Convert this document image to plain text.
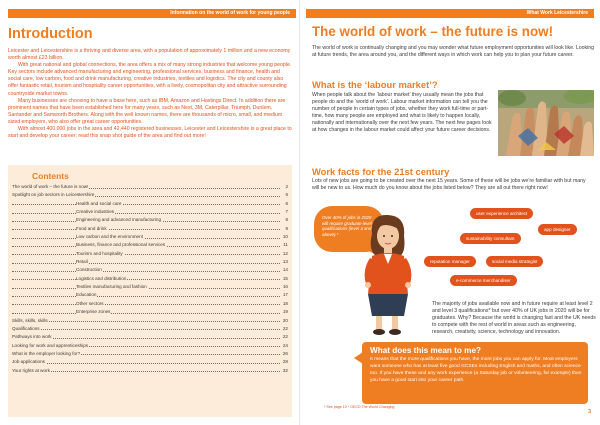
Information on the world of work for young people
Introduction

Leicester and Leicestershire is a thriving and diverse area, with a population of approximately 1 million and a new economy worth almost £23 billion.

With great national and global connections, the area offers a mix of many strong industries that welcome young people. Key sectors include advanced manufacturing and engineering, professional services, business and finance, health and social care, low carbon, food and drink manufacturing, creative industries, textiles and logistics. The city and county also offer fantastic retail, tourism and hospitality career opportunities, with a lively, cosmopolitan city and attractive surrounding countryside market towns.

Many businesses are choosing to have a base here, such as IBM, Amazon and Hastings Direct. In addition there are prominent names that have been established here for many years, such as Next, 3M, Caterpillar, Triumph, Dunlem, Santander and Samworth Brothers. Along with the well known names, there are thousands of micro, small, and medium sized employers, who also offer great career opportunities.

With almost 400,000 jobs in the area and 42,440 registered businesses, Leicester and Leicestershire is a great place to start and develop your career; read this snap shot guide of the area and find out more!

Contents
The world of work – the future is now!	2
Spotlight on job sectors in Leicestershire	6
Health and social care	6
Creative industries	7
Engineering and advanced manufacturing	8
Food and drink	9
Low carbon and the environment	10
Business, finance and professional services	11
Tourism and hospitality	12
Retail	13
Construction	14
Logistics and distribution	15
Textiles manufacturing and fashion	16
Education	17
Other sectors	18
Enterprise zones	19
Skills, skills, skills	20
Qualifications	22
Pathways into work	22
Looking for work and apprenticeships	24
What is the employer looking for?	26
Job applications	28
Your rights at work	32
What Work Leicestershire
The world of work – the future is now!

The world of work is continually changing and you may wonder what future employment opportunities will look like. Looking at future trends, the area around you, and the different ways in which work can help you to plan your future career.

What is the ‘labour market’?

When people talk about the ‘labour market’ they usually mean the jobs that people do and the ‘world of work’. Labour market information can tell you the number of people in certain types of jobs, whether they work full-time or part-time, how many people are employed and what is likely to happen locally, nationally and internationally over the next few years. The next few pages look at how changes in the labour market could affect your future career decisions.

Work facts for the 21st century

Lots of new jobs are going to be created over the next 15 years. Some of these will be jobs we’re familiar with but many will be new to us. How much do you know about the jobs listed below? They are all out there right now!

Over 40% of jobs in 2020 will require graduate level qualifications (level 4 and above).*
user experience architect
app designer
sustainability consultant
reputation manager	social media strategist
e-commerce merchandiser

The majority of jobs available now and in future require at least level 2 and level 3 qualifications* but over 40% of UK jobs in 2020 will be for graduates. Why? Because the world is changing fast and the UK needs to compete with the rest of world in areas such as engineering, research, creativity, science, technology and innovation.

What does this mean to me?

It means that the more qualifications you have, the more jobs you can apply for. Most employers want someone who has at least five good GCSEs including English and maths, and often science too. If you have these and any work experience (a Saturday job or volunteering, for example) then you have a good start into your career path.

* See page 10 * OECD The World Changing
3
